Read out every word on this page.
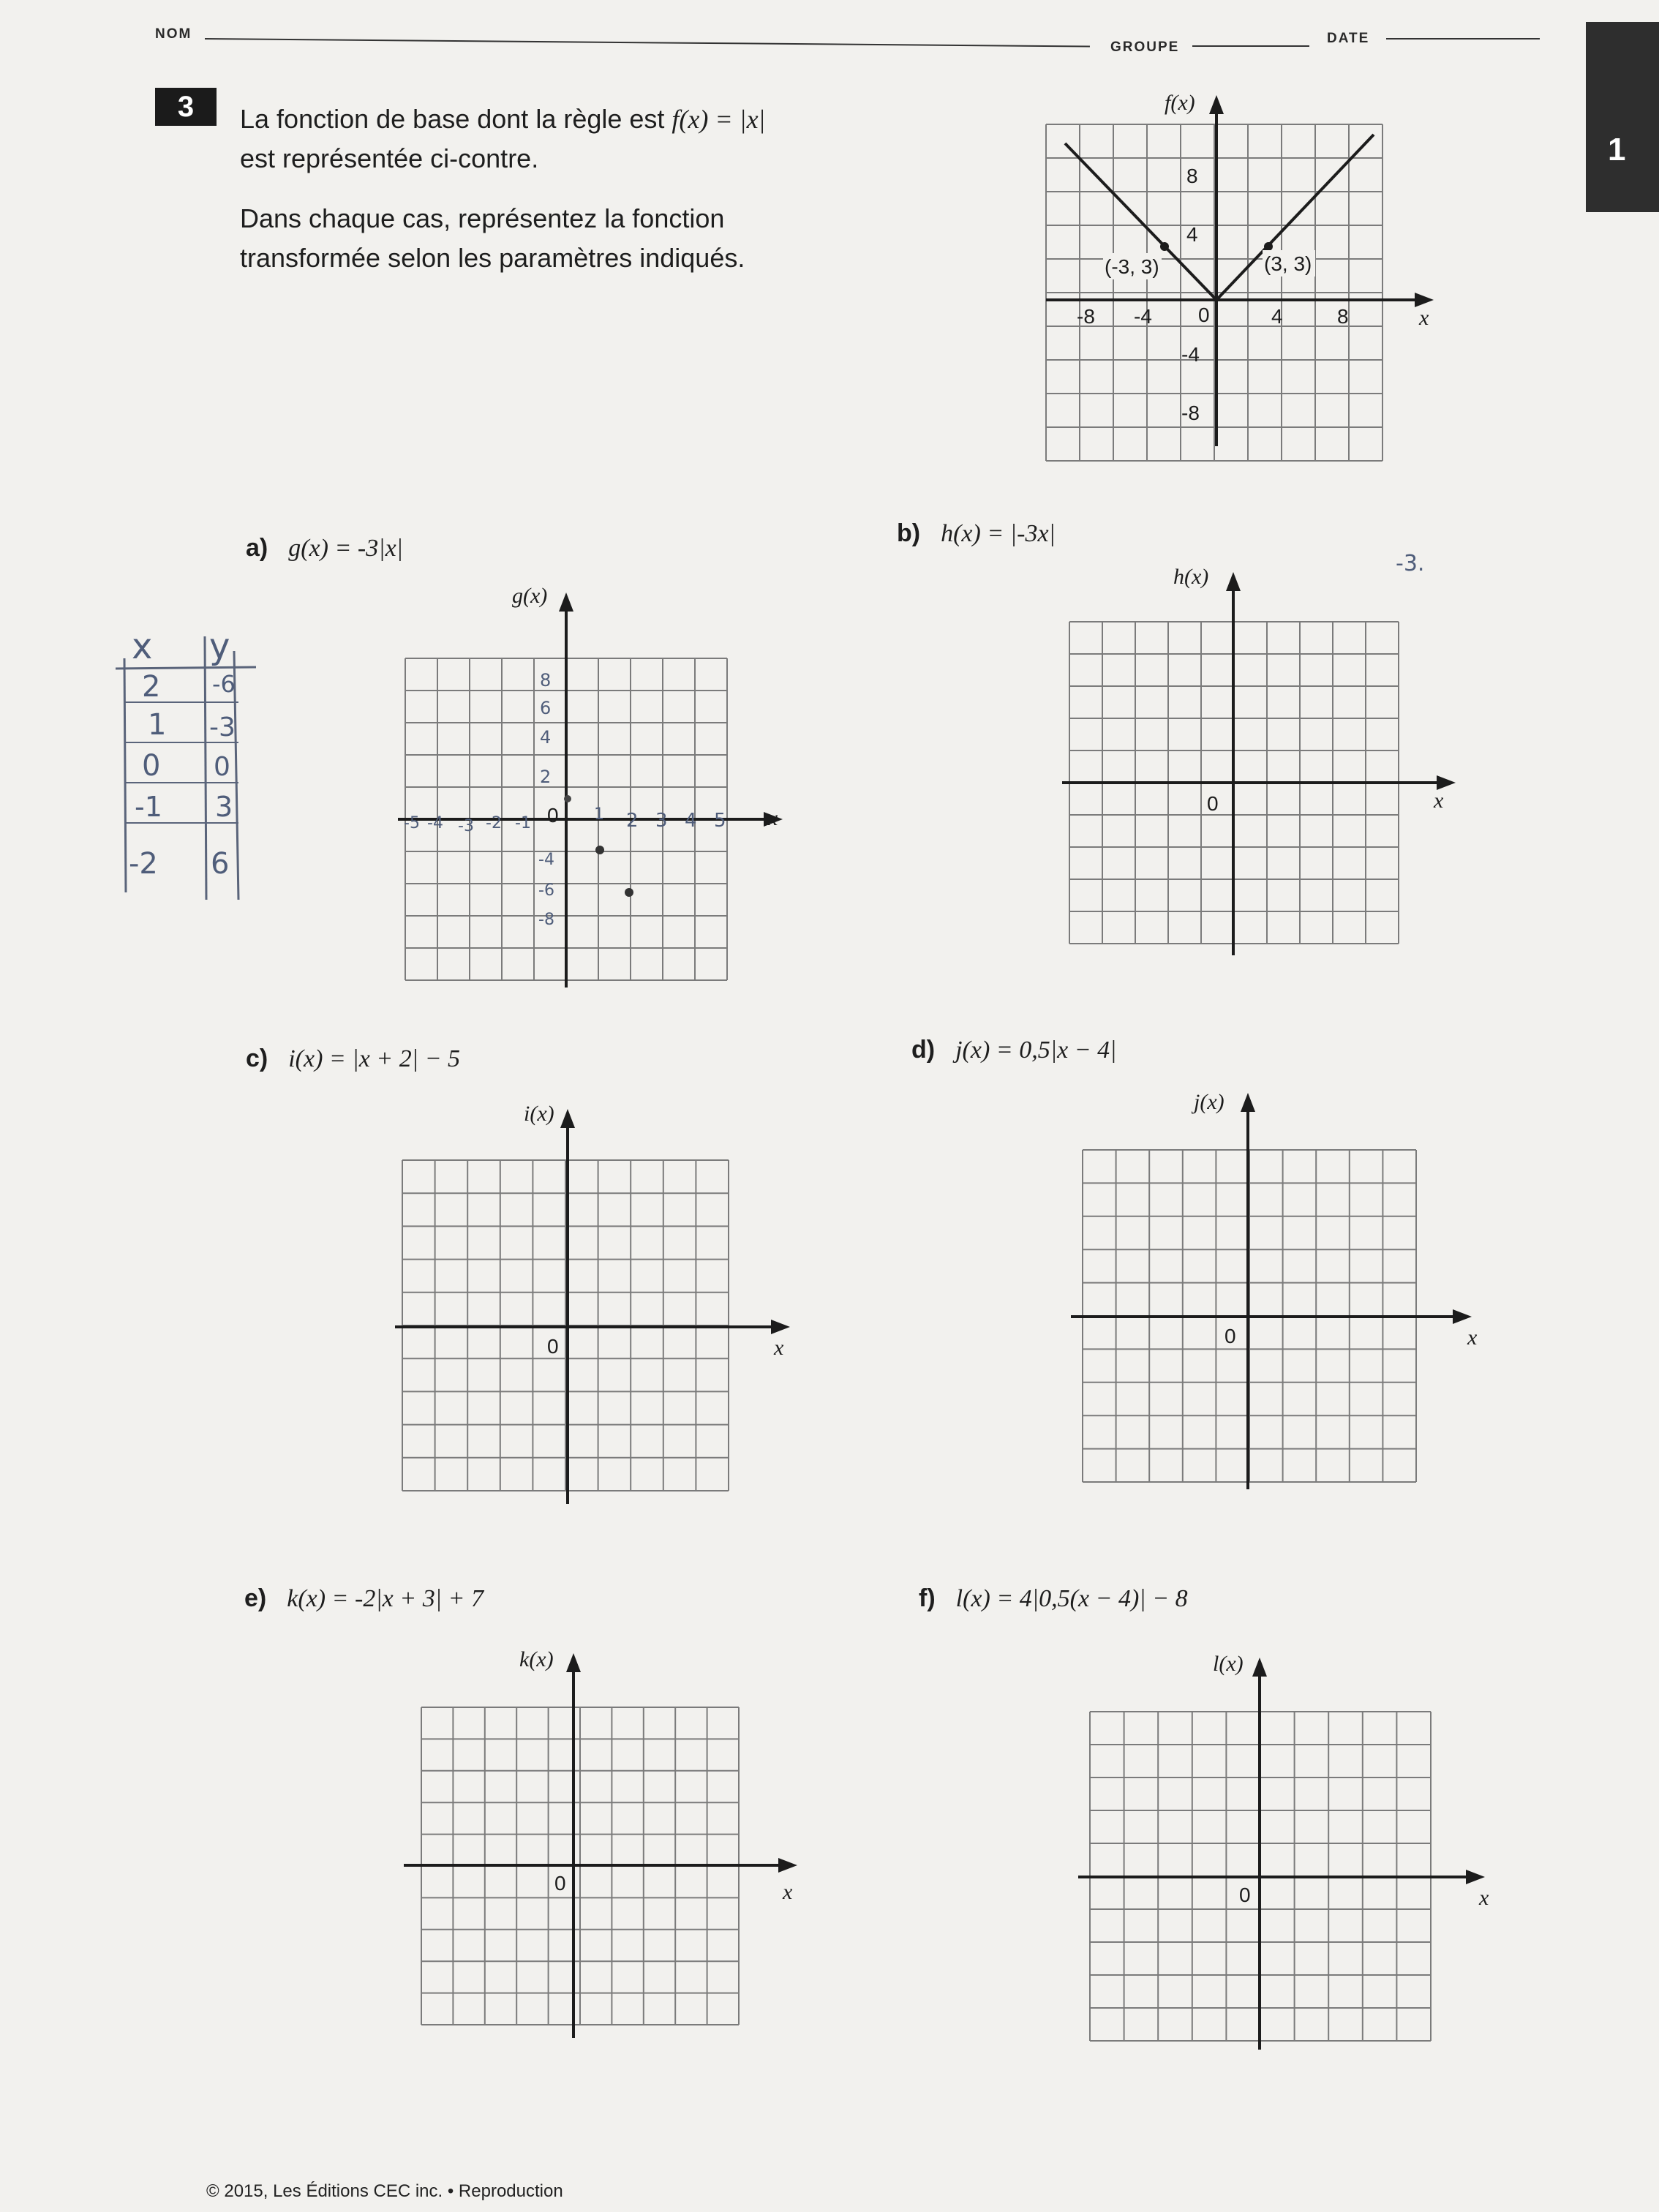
NOM
GROUPE
DATE
1
3	La fonction de base dont la règle est f(x) = |x|
est représentée ci-contre.
Dans chaque cas, représentez la fonction
transformée selon les paramètres indiqués.
f(x)
x
0
-8 -4	4	8
8
4
-4
-8
(-3, 3)	(3, 3)
a) g(x) = -3|x|
b) h(x) = |-3x|
c) i(x) = |x + 2| − 5	d) j(x) = 0,5|x − 4|
e) k(x) = -2|x + 3| + 7	f) l(x) = 4|0,5(x − 4)| − 8
g(x)
x
0
-5 -4 -3 -2 -1	1 2 3 4 5
8
6
4
2
-4
-6
-8
x y
2 -6
1 -3
0 0
-1 3
-2 6
h(x)
x
0
-3.
i(x)
x
0
j(x)
x
0
k(x)
x
0
l(x)
x
0
© 2015, Les Éditions CEC inc. • Reproduction
